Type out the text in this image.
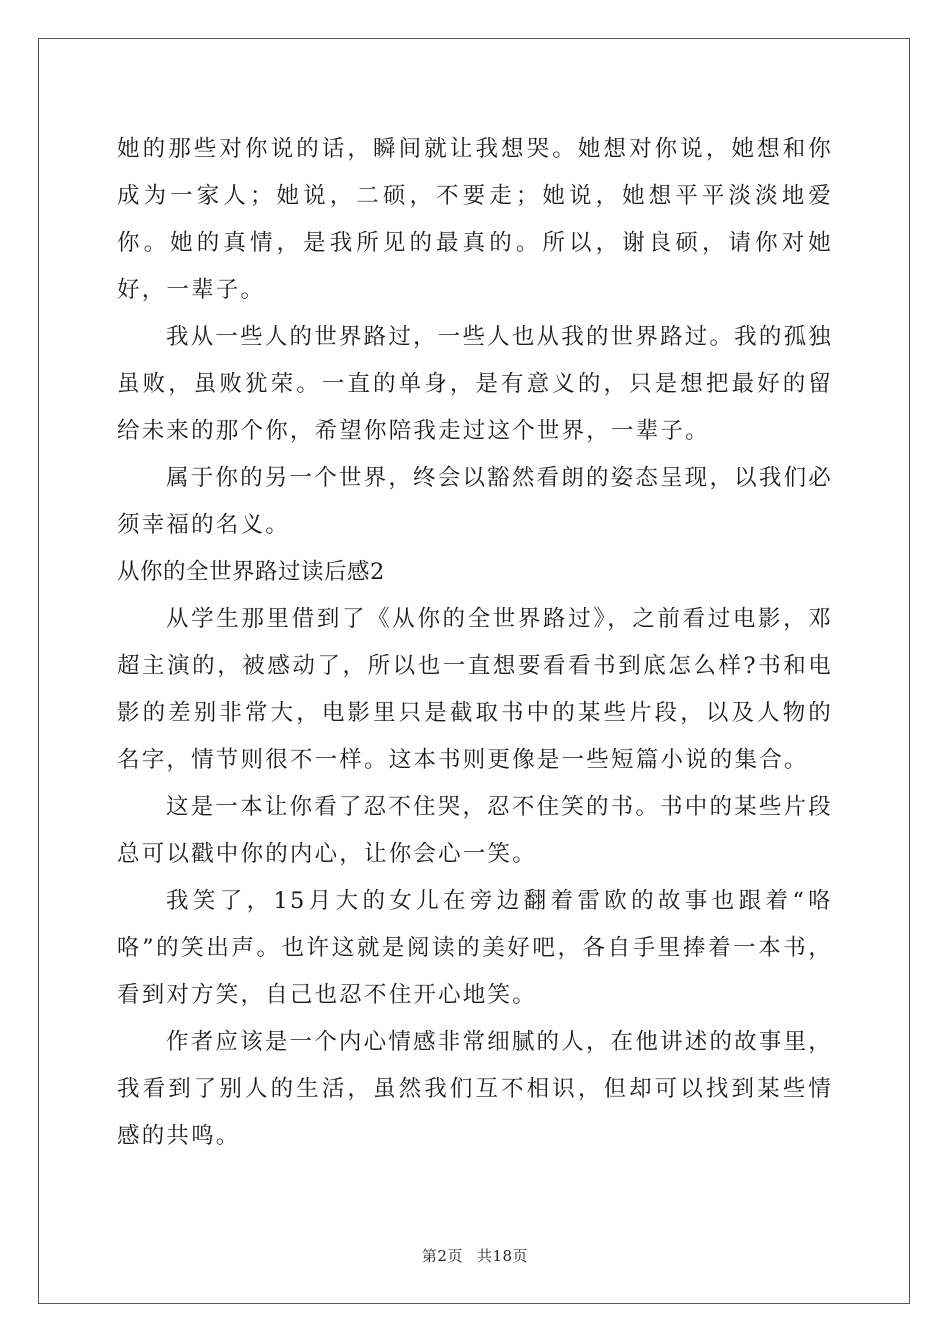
她的那些对你说的话，瞬间就让我想哭。她想对你说，她想和你成为一家人；她说，二硕，不要走；她说，她想平平淡淡地爱你。她的真情，是我所见的最真的。所以，谢良硕，请你对她好，一辈子。

我从一些人的世界路过，一些人也从我的世界路过。我的孤独虽败，虽败犹荣。一直的单身，是有意义的，只是想把最好的留给未来的那个你，希望你陪我走过这个世界，一辈子。

属于你的另一个世界，终会以豁然看朗的姿态呈现，以我们必须幸福的名义。

从你的全世界路过读后感2

从学生那里借到了《从你的全世界路过》，之前看过电影，邓超主演的，被感动了，所以也一直想要看看书到底怎么样?书和电影的差别非常大，电影里只是截取书中的某些片段，以及人物的名字，情节则很不一样。这本书则更像是一些短篇小说的集合。

这是一本让你看了忍不住哭，忍不住笑的书。书中的某些片段总可以戳中你的内心，让你会心一笑。

我笑了，15月大的女儿在旁边翻着雷欧的故事也跟着“咯咯”的笑出声。也许这就是阅读的美好吧，各自手里捧着一本书，看到对方笑，自己也忍不住开心地笑。

作者应该是一个内心情感非常细腻的人，在他讲述的故事里，我看到了别人的生活，虽然我们互不相识，但却可以找到某些情感的共鸣。

第2页 共18页
